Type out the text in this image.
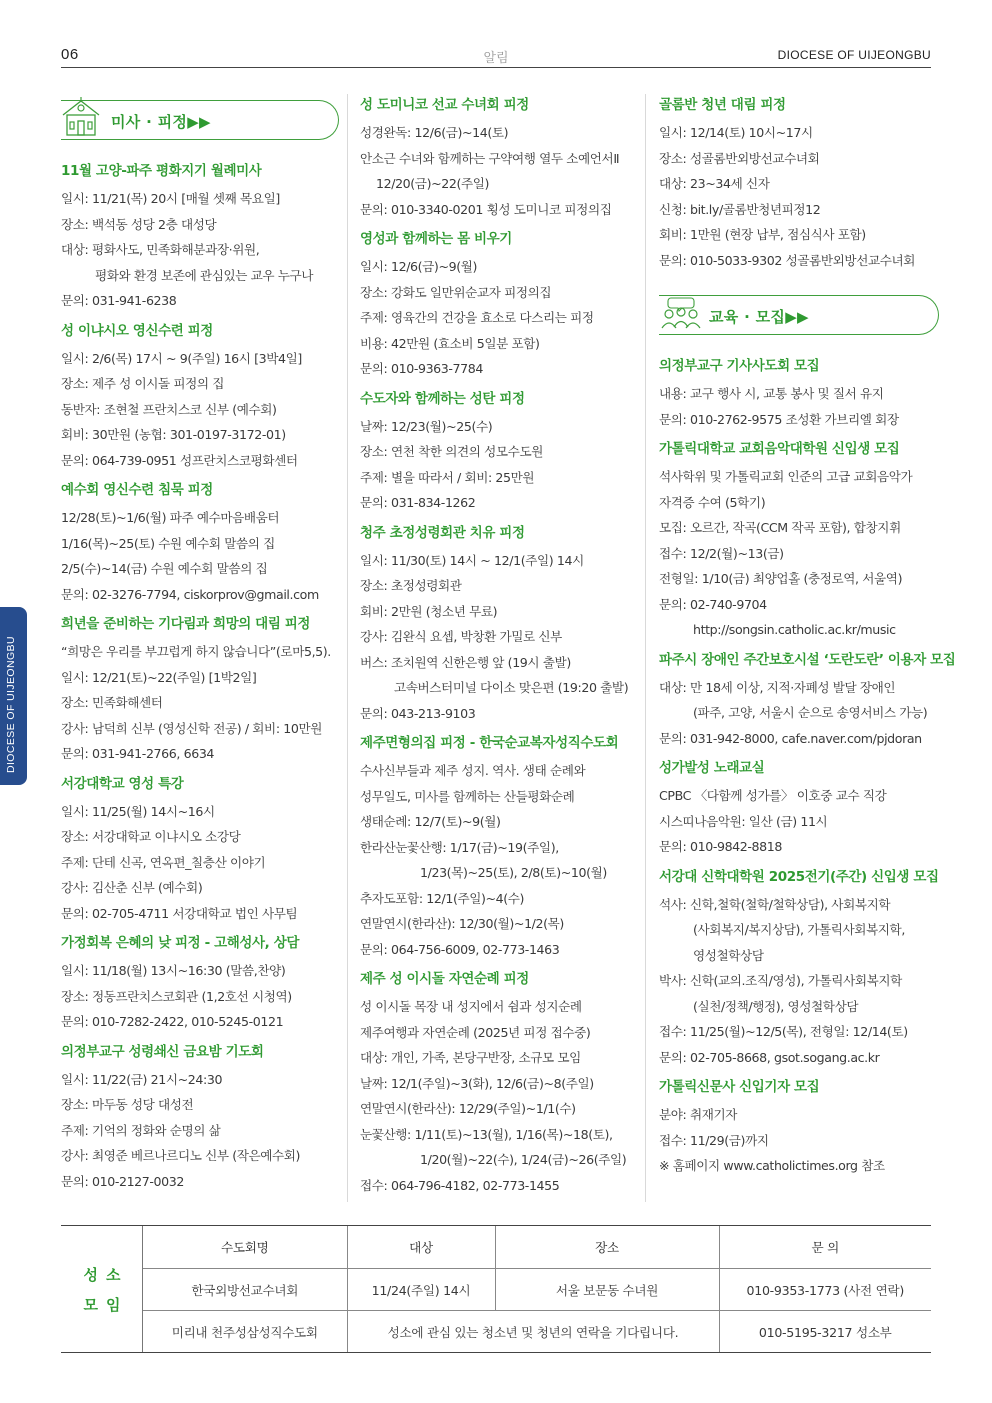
06	알림	DIOCESE OF UIJEONGBU
DIOCESE OF UIJEONGBU
미사 · 피정▶▶
11월 고양-파주 평화지기 월례미사
일시: 11/21(목) 20시 [매월 셋째 목요일]
장소: 백석동 성당 2층 대성당
대상: 평화사도, 민족화해분과장·위원,
평화와 환경 보존에 관심있는 교우 누구나
문의: 031-941-6238
성 이냐시오 영신수련 피정
일시: 2/6(목) 17시 ~ 9(주일) 16시 [3박4일]
장소: 제주 성 이시돌 피정의 집
동반자: 조현철 프란치스코 신부 (예수회)
회비: 30만원 (농협: 301-0197-3172-01)
문의: 064-739-0951 성프란치스코평화센터
예수회 영신수련 침묵 피정
12/28(토)~1/6(월) 파주 예수마음배움터
1/16(목)~25(토) 수원 예수회 말씀의 집
2/5(수)~14(금) 수원 예수회 말씀의 집
문의: 02-3276-7794, ciskorprov@gmail.com
희년을 준비하는 기다림과 희망의 대림 피정
“희망은 우리를 부끄럽게 하지 않습니다”(로마5,5).
일시: 12/21(토)~22(주일) [1박2일]
장소: 민족화해센터
강사: 남덕희 신부 (영성신학 전공) / 회비: 10만원
문의: 031-941-2766, 6634
서강대학교 영성 특강
일시: 11/25(월) 14시~16시
장소: 서강대학교 이냐시오 소강당
주제: 단테 신곡, 연옥편_칠층산 이야기
강사: 김산춘 신부 (예수회)
문의: 02-705-4711 서강대학교 법인 사무팀
가정회복 은혜의 낮 피정 - 고해성사, 상담
일시: 11/18(월) 13시~16:30 (말씀,찬양)
장소: 정동프란치스코회관 (1,2호선 시청역)
문의: 010-7282-2422, 010-5245-0121
의정부교구 성령쇄신 금요밤 기도회
일시: 11/22(금) 21시~24:30
장소: 마두동 성당 대성전
주제: 기억의 정화와 순명의 삶
강사: 최영준 베르나르디노 신부 (작은예수회)
문의: 010-2127-0032
성 도미니코 선교 수녀회 피정
성경완독: 12/6(금)~14(토)
안소근 수녀와 함께하는 구약여행 열두 소예언서Ⅱ
12/20(금)~22(주일)
문의: 010-3340-0201 횡성 도미니코 피정의집
영성과 함께하는 몸 비우기
일시: 12/6(금)~9(월)
장소: 강화도 일만위순교자 피정의집
주제: 영육간의 건강을 효소로 다스리는 피정
비용: 42만원 (효소비 5일분 포함)
문의: 010-9363-7784
수도자와 함께하는 성탄 피정
날짜: 12/23(월)~25(수)
장소: 연천 착한 의견의 성모수도원
주제: 별을 따라서 / 회비: 25만원
문의: 031-834-1262
청주 초정성령회관 치유 피정
일시: 11/30(토) 14시 ~ 12/1(주일) 14시
장소: 초정성령회관
회비: 2만원 (청소년 무료)
강사: 김완식 요셉, 박창환 가밀로 신부
버스: 조치원역 신한은행 앞 (19시 출발)
고속버스터미널 다이소 맞은편 (19:20 출발)
문의: 043-213-9103
제주면형의집 피정 - 한국순교복자성직수도회
수사신부들과 제주 성지. 역사. 생태 순례와
성무일도, 미사를 함께하는 산들평화순례
생태순례: 12/7(토)~9(월)
한라산눈꽃산행: 1/17(금)~19(주일),
1/23(목)~25(토), 2/8(토)~10(월)
추자도포함: 12/1(주일)~4(수)
연말연시(한라산): 12/30(월)~1/2(목)
문의: 064-756-6009, 02-773-1463
제주 성 이시돌 자연순례 피정
성 이시돌 목장 내 성지에서 쉼과 성지순례
제주여행과 자연순례 (2025년 피정 접수중)
대상: 개인, 가족, 본당구반장, 소규모 모임
날짜: 12/1(주일)~3(화), 12/6(금)~8(주일)
연말연시(한라산): 12/29(주일)~1/1(수)
눈꽃산행: 1/11(토)~13(월), 1/16(목)~18(토),
1/20(월)~22(수), 1/24(금)~26(주일)
접수: 064-796-4182, 02-773-1455
골롬반 청년 대림 피정
일시: 12/14(토) 10시~17시
장소: 성골롬반외방선교수녀회
대상: 23~34세 신자
신청: bit.ly/골롬반청년피정12
회비: 1만원 (현장 납부, 점심식사 포함)
문의: 010-5033-9302 성골롬반외방선교수녀회
교육 · 모집▶▶
의정부교구 기사사도회 모집
내용: 교구 행사 시, 교통 봉사 및 질서 유지
문의: 010-2762-9575 조성환 가브리엘 회장
가톨릭대학교 교회음악대학원 신입생 모집
석사학위 및 가톨릭교회 인준의 고급 교회음악가
자격증 수여 (5학기)
모집: 오르간, 작곡(CCM 작곡 포함), 합창지휘
접수: 12/2(월)~13(금)
전형일: 1/10(금) 최양업홀 (충정로역, 서울역)
문의: 02-740-9704
http://songsin.catholic.ac.kr/music
파주시 장애인 주간보호시설 ‘도란도란’ 이용자 모집
대상: 만 18세 이상, 지적·자폐성 발달 장애인
(파주, 고양, 서울시 순으로 송영서비스 가능)
문의: 031-942-8000, cafe.naver.com/pjdoran
성가발성 노래교실
CPBC 〈다함께 성가를〉 이호중 교수 직강
시스띠나음악원: 일산 (금) 11시
문의: 010-9842-8818
서강대 신학대학원 2025전기(주간) 신입생 모집
석사: 신학,철학(철학/철학상담), 사회복지학
(사회복지/복지상담), 가톨릭사회복지학,
영성철학상담
박사: 신학(교의.조직/영성), 가톨릭사회복지학
(실천/정책/행정), 영성철학상담
접수: 11/25(월)~12/5(목), 전형일: 12/14(토)
문의: 02-705-8668, gsot.sogang.ac.kr
가톨릭신문사 신입기자 모집
분야: 취재기자
접수: 11/29(금)까지
※ 홈페이지 www.catholictimes.org 참조
성소
모임
수도회명	대상	장소	문 의
한국외방선교수녀회	11/24(주일) 14시	서울 보문동 수녀원	010-9353-1773 (사전 연락)
미리내 천주성삼성직수도회	성소에 관심 있는 청소년 및 청년의 연락을 기다립니다.		010-5195-3217 성소부
